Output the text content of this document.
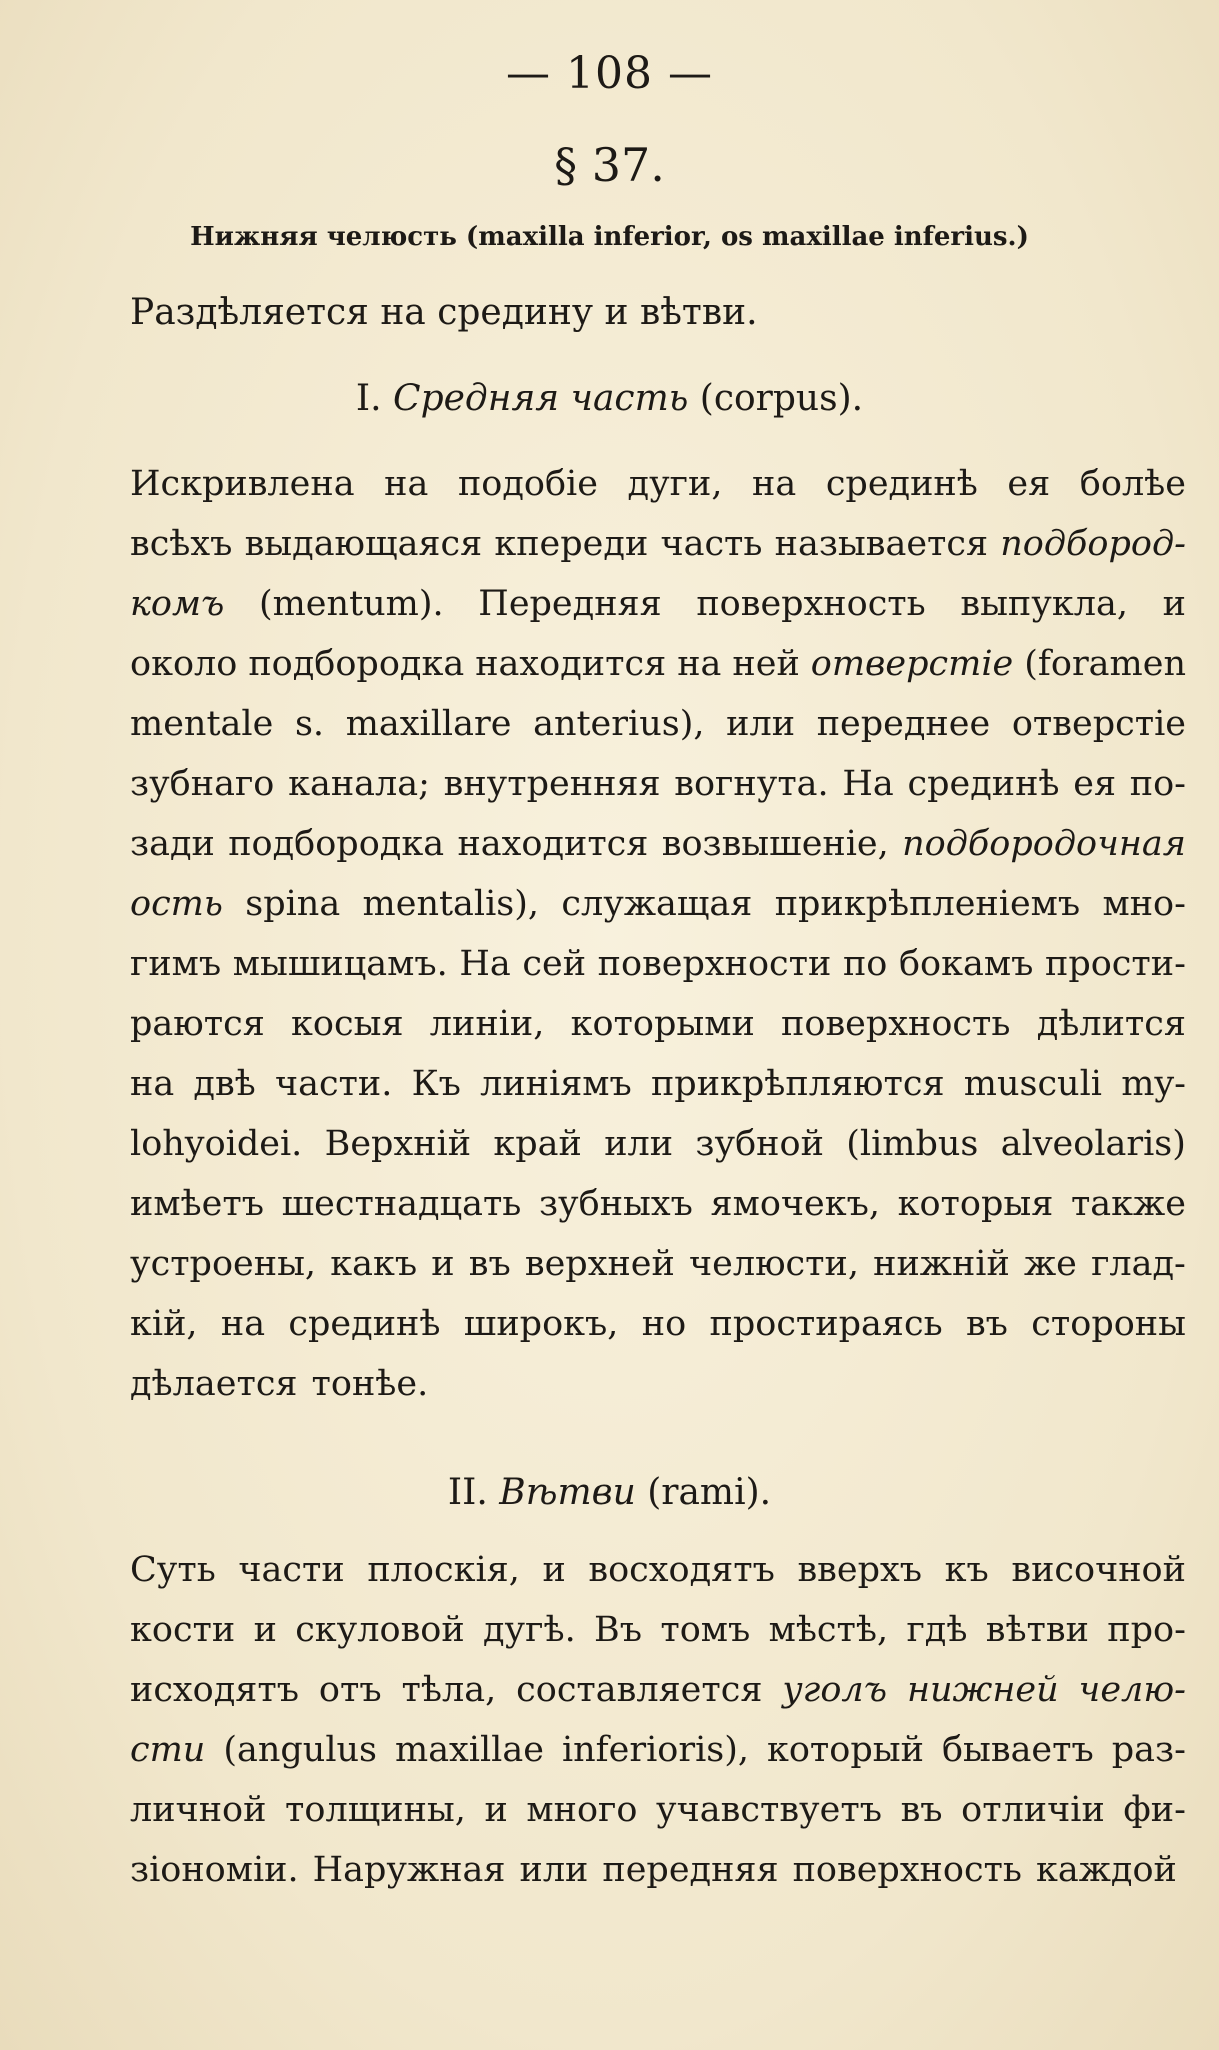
— 108 —
§ 37.
Нижняя челюсть (maxilla inferior, os maxillae inferius.)
Раздѣляется на средину и вѣтви.
I. Средняя часть (corpus).
Искривлена на подобіе дуги, на срединѣ ея болѣе
всѣхъ выдающаяся кпереди часть называется подбород-
комъ (mentum). Передняя поверхность выпукла, и
около подбородка находится на ней отверстіе (foramen
mentale s. maxillare anterius), или переднее отверстіе
зубнаго канала; внутренняя вогнута. На срединѣ ея по-
зади подбородка находится возвышеніе, подбородочная
ость spina mentalis), служащая прикрѣпленіемъ мно-
гимъ мышицамъ. На сей поверхности по бокамъ прости-
раются косыя линіи, которыми поверхность дѣлится
на двѣ части. Къ линіямъ прикрѣпляются musculi my-
lohyoidei. Верхній край или зубной (limbus alveolaris)
имѣетъ шестнадцать зубныхъ ямочекъ, которыя также
устроены, какъ и въ верхней челюсти, нижній же глад-
кій, на срединѣ широкъ, но простираясь въ стороны
дѣлается тонѣе.
II. Вѣтви (rami).
Суть части плоскія, и восходятъ вверхъ къ височной
кости и скуловой дугѣ. Въ томъ мѣстѣ, гдѣ вѣтви про-
исходятъ отъ тѣла, составляется уголъ нижней челю-
сти (angulus maxillae inferioris), который бываетъ раз-
личной толщины, и много учавствуетъ въ отличіи фи-
зіономіи. Наружная или передняя поверхность каждой
